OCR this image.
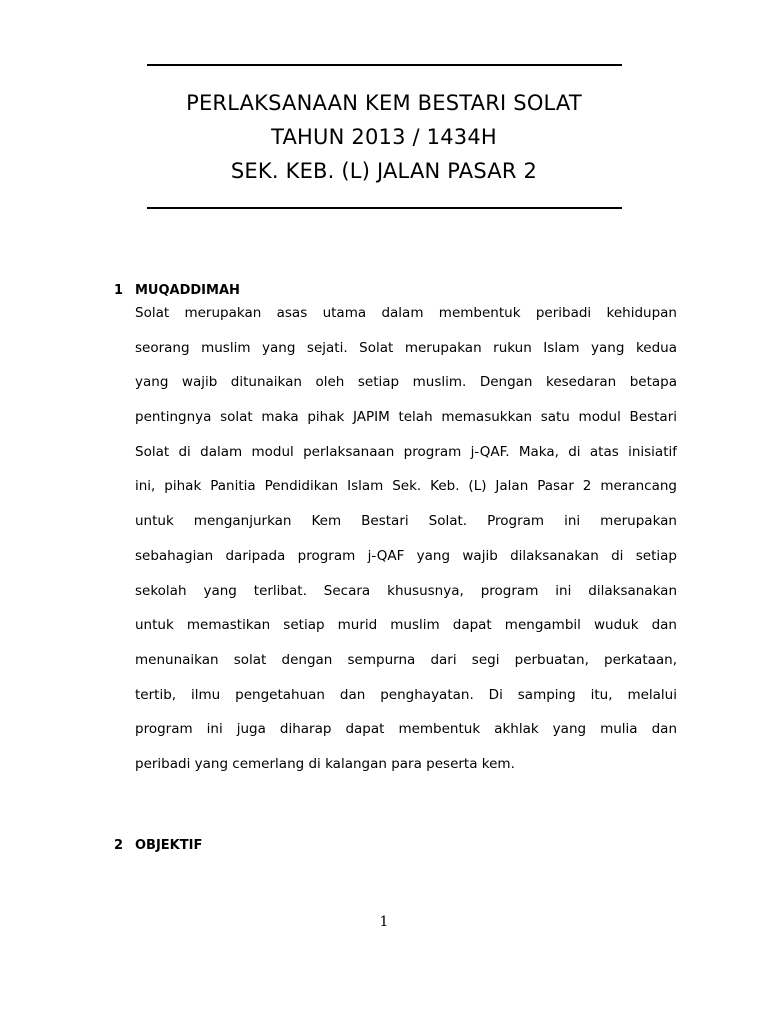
PERLAKSANAAN KEM BESTARI SOLAT
TAHUN 2013 / 1434H
SEK. KEB. (L) JALAN PASAR 2
1 MUQADDIMAH
Solat merupakan asas utama dalam membentuk peribadi kehidupan
seorang muslim yang sejati. Solat merupakan rukun Islam yang kedua
yang wajib ditunaikan oleh setiap muslim. Dengan kesedaran betapa
pentingnya solat maka pihak JAPIM telah memasukkan satu modul Bestari
Solat di dalam modul perlaksanaan program j-QAF. Maka, di atas inisiatif
ini, pihak Panitia Pendidikan Islam Sek. Keb. (L) Jalan Pasar 2 merancang
untuk menganjurkan Kem Bestari Solat. Program ini merupakan
sebahagian daripada program j-QAF yang wajib dilaksanakan di setiap
sekolah yang terlibat. Secara khususnya, program ini dilaksanakan
untuk memastikan setiap murid muslim dapat mengambil wuduk dan
menunaikan solat dengan sempurna dari segi perbuatan, perkataan,
tertib, ilmu pengetahuan dan penghayatan. Di samping itu, melalui
program ini juga diharap dapat membentuk akhlak yang mulia dan
peribadi yang cemerlang di kalangan para peserta kem.
2 OBJEKTIF
1
